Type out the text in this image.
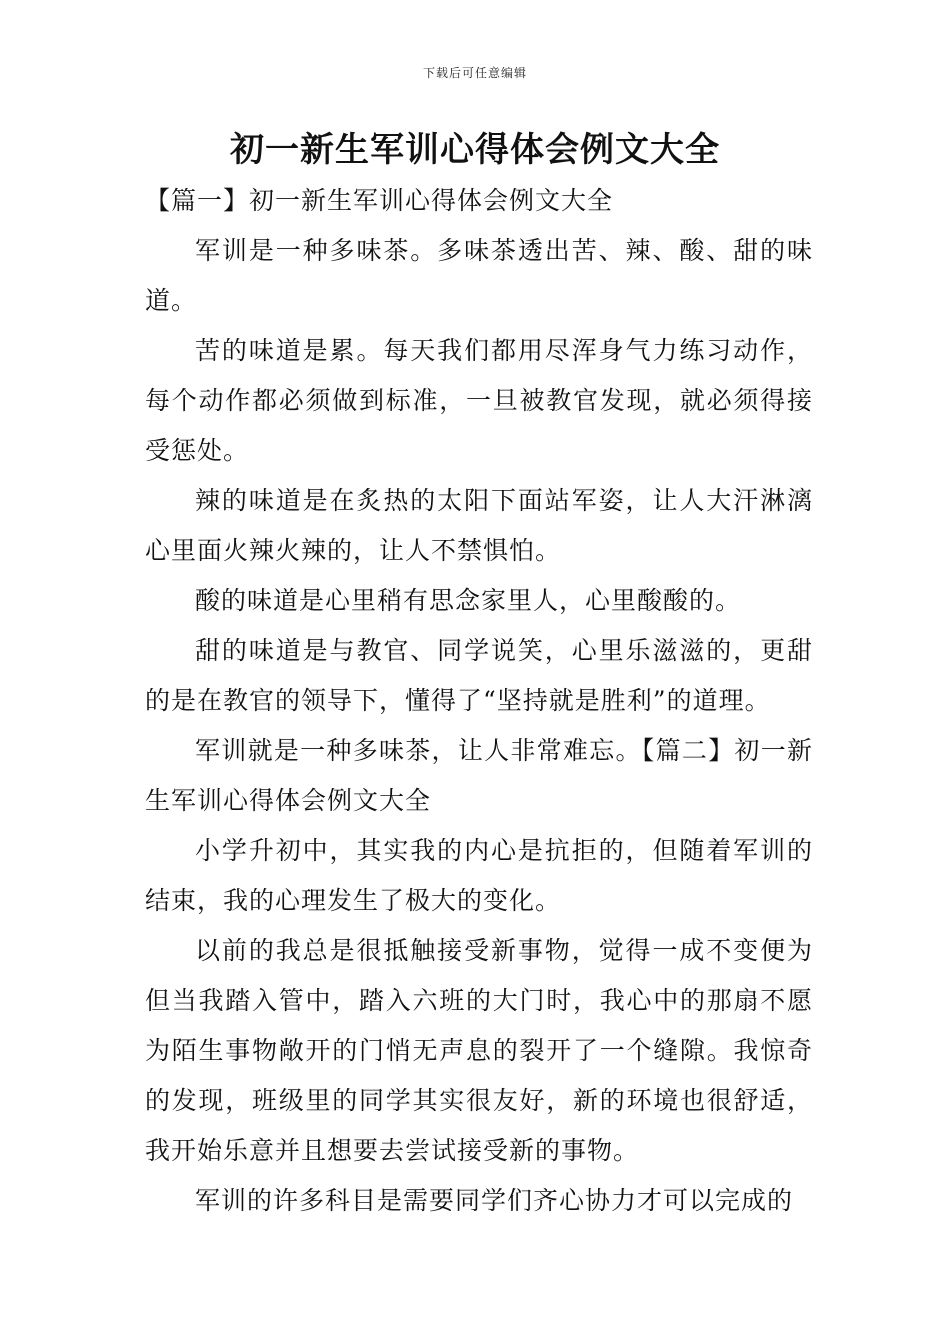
下载后可任意编辑
初一新生军训心得体会例文大全

【篇一】初一新生军训心得体会例文大全

军训是一种多味茶。多味茶透出苦、辣、酸、甜的味道。

苦的味道是累。每天我们都用尽浑身气力练习动作，每个动作都必须做到标准，一旦被教官发现，就必须得接受惩处。

辣的味道是在炙热的太阳下面站军姿，让人大汗淋漓心里面火辣火辣的，让人不禁惧怕。

酸的味道是心里稍有思念家里人，心里酸酸的。

甜的味道是与教官、同学说笑，心里乐滋滋的，更甜的是在教官的领导下，懂得了“坚持就是胜利”的道理。

军训就是一种多味茶，让人非常难忘。【篇二】初一新生军训心得体会例文大全

小学升初中，其实我的内心是抗拒的，但随着军训的结束，我的心理发生了极大的变化。

以前的我总是很抵触接受新事物，觉得一成不变便为但当我踏入管中，踏入六班的大门时，我心中的那扇不愿为陌生事物敞开的门悄无声息的裂开了一个缝隙。我惊奇的发现，班级里的同学其实很友好，新的环境也很舒适，我开始乐意并且想要去尝试接受新的事物。

军训的许多科目是需要同学们齐心协力才可以完成的
